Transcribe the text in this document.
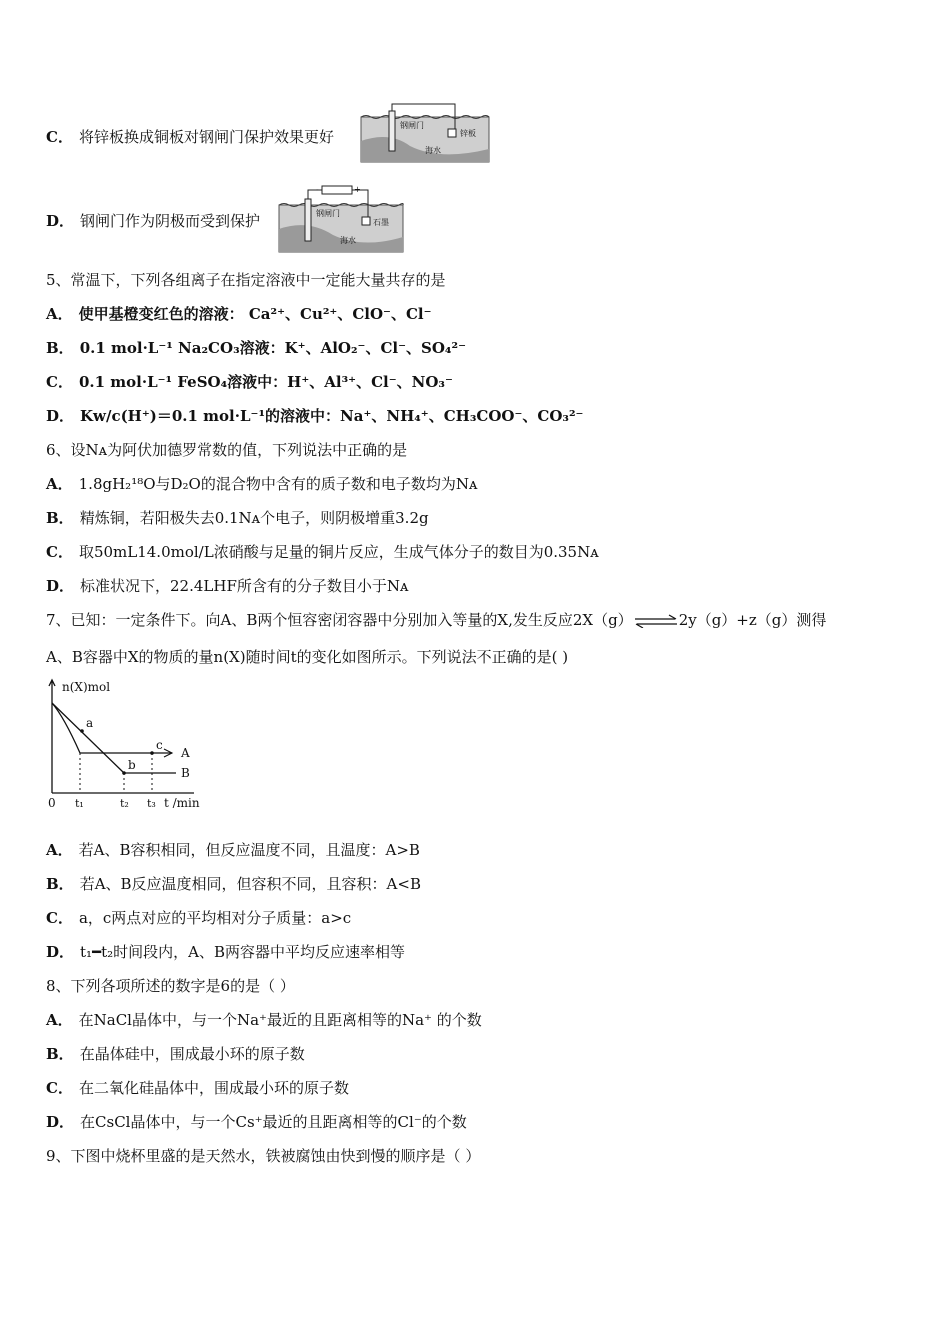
C． 将锌板换成铜板对钢闸门保护效果更好
钢闸门
锌板
海水
D． 钢闸门作为阴极而受到保护
-	+
钢闸门
石墨
海水
5、常温下，下列各组离子在指定溶液中一定能大量共存的是
A． 使甲基橙变红色的溶液： Ca²⁺、Cu²⁺、ClO⁻、Cl⁻
B． 0.1 mol·L⁻¹ Na₂CO₃溶液：K⁺、AlO₂⁻、Cl⁻、SO₄²⁻
C． 0.1 mol·L⁻¹ FeSO₄溶液中：H⁺、Al³⁺、Cl⁻、NO₃⁻
D． Kw/c(H⁺)＝0.1 mol·L⁻¹的溶液中：Na⁺、NH₄⁺、CH₃COO⁻、CO₃²⁻
6、设Nᴀ为阿伏加德罗常数的值，下列说法中正确的是
A． 1.8gH₂¹⁸O与D₂O的混合物中含有的质子数和电子数均为Nᴀ
B． 精炼铜，若阳极失去0.1Nᴀ个电子，则阴极增重3.2g
C． 取50mL14.0mol/L浓硝酸与足量的铜片反应，生成气体分子的数目为0.35Nᴀ
D． 标准状况下，22.4LHF所含有的分子数目小于Nᴀ
7、已知：一定条件下。向A、B两个恒容密闭容器中分别加入等量的X,发生反应2X（g）⇌2y（g）+z（g）测得
A、B容器中X的物质的量n(X)随时间t的变化如图所示。下列说法不正确的是( )
n(X)mol
a
b
c
A
B
0 t₁	t₂ t₃ t /min
A． 若A、B容积相同，但反应温度不同，且温度：A>B
B． 若A、B反应温度相同，但容积不同，且容积：A<B
C． a，c两点对应的平均相对分子质量：a>c
D． t₁━t₂时间段内，A、B两容器中平均反应速率相等
8、下列各项所述的数字是6的是（ ）
A． 在NaCl晶体中，与一个Na⁺最近的且距离相等的Na⁺ 的个数
B． 在晶体硅中，围成最小环的原子数
C． 在二氧化硅晶体中，围成最小环的原子数
D． 在CsCl晶体中，与一个Cs⁺最近的且距离相等的Cl⁻的个数
9、下图中烧杯里盛的是天然水，铁被腐蚀由快到慢的顺序是（ ）
